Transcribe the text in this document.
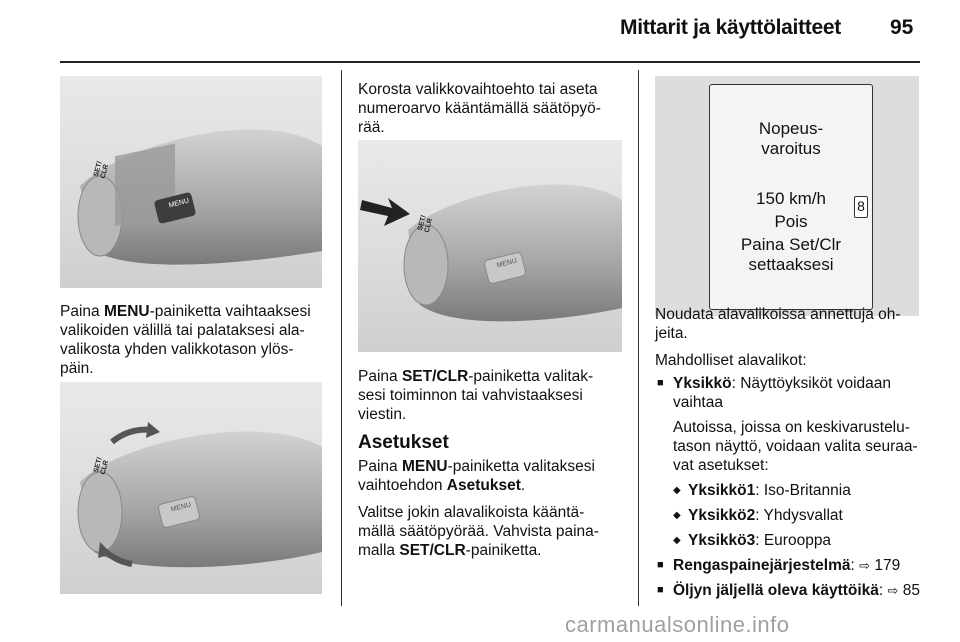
Mittarit ja käyttölaitteet 95
MENU
SET/ CLR

Paina MENU-painiketta vaihtaaksesi

valikoiden välillä tai palataksesi ala-

valikosta yhden valikkotason ylös-

päin.

MENU
SET/ CLR

Korosta valikkovaihtoehto tai aseta

numeroarvo kääntämällä säätöpyö-

rää.

MENU
SET/ CLR

Paina SET/CLR-painiketta valitak-

sesi toiminnon tai vahvistaaksesi

viestin.

Asetukset

Paina MENU-painiketta valitaksesi

vaihtoehdon Asetukset.

Valitse jokin alavalikoista kääntä-

mällä säätöpyörää. Vahvista paina-

malla SET/CLR-painiketta.

Nopeus-
varoitus
150 km/h
Pois
Paina Set/Clr
settaaksesi
8

Noudata alavalikoissa annettuja oh-

jeita.

Mahdolliset alavalikot:

■ Yksikkö: Näyttöyksiköt voidaan

vaihtaa

Autoissa, joissa on keskivarustelu-

tason näyttö, voidaan valita seuraa-

vat asetukset:

◆ Yksikkö1: Iso-Britannia
◆ Yksikkö2: Yhdysvallat
◆ Yksikkö3: Eurooppa
■ Rengaspainejärjestelmä: ⇨ 179
■ Öljyn jäljellä oleva käyttöikä: ⇨ 85
carmanualsonline.info
